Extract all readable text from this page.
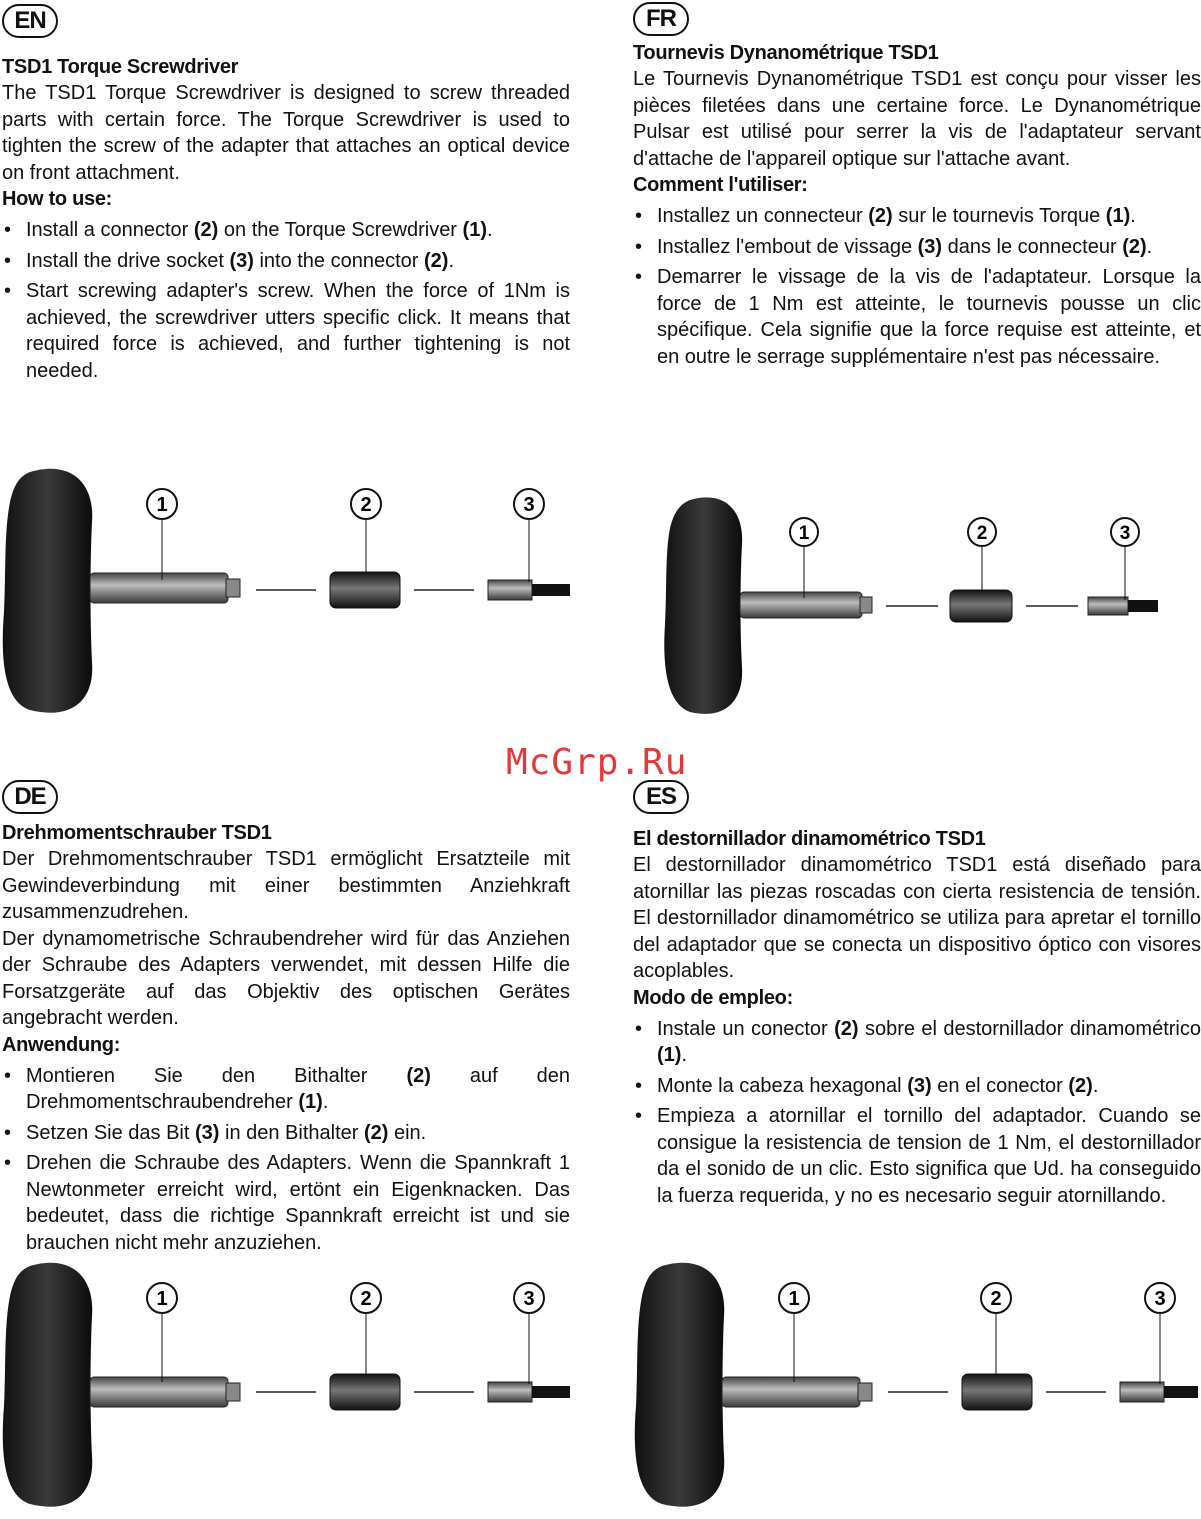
EN
TSD1 Torque Screwdriver

The TSD1 Torque Screwdriver is designed to screw threaded parts with certain force. The Torque Screwdriver is used to tighten the screw of the adapter that attaches an optical device on front attachment.

How to use:
• Install a connector (2) on the Torque Screwdriver (1).
• Install the drive socket (3) into the connector (2).
• Start screwing adapter's screw. When the force of 1Nm is achieved, the screwdriver utters specific click. It means that required force is achieved, and further tightening is not needed.
FR
Tournevis Dynanométrique TSD1

Le Tournevis Dynanométrique TSD1 est conçu pour visser les pièces filetées dans une certaine force. Le Dynanométrique Pulsar est utilisé pour serrer la vis de l'adaptateur servant d'attache de l'appareil optique sur l'attache avant.

Comment l'utiliser:
• Installez un connecteur (2) sur le tournevis Torque (1).
• Installez l'embout de vissage (3) dans le connecteur (2).
• Demarrer le vissage de la vis de l'adaptateur. Lorsque la force de 1 Nm est atteinte, le tournevis pousse un clic spécifique. Cela signifie que la force requise est atteinte, et en outre le serrage supplémentaire n'est pas nécessaire.
DE
Drehmomentschrauber TSD1

Der Drehmomentschrauber TSD1 ermöglicht Ersatzteile mit Gewindeverbindung mit einer bestimmten Anziehkraft zusammenzudrehen.

Der dynamometrische Schraubendreher wird für das Anziehen der Schraube des Adapters verwendet, mit dessen Hilfe die Forsatzgeräte auf das Objektiv des optischen Gerätes angebracht werden.

Anwendung:
• Montieren Sie den Bithalter (2) auf den Drehmomentschraubendreher (1).
• Setzen Sie das Bit (3) in den Bithalter (2) ein.
• Drehen die Schraube des Adapters. Wenn die Spannkraft 1 Newtonmeter erreicht wird, ertönt ein Eigenknacken. Das bedeutet, dass die richtige Spannkraft erreicht ist und sie brauchen nicht mehr anzuziehen.
ES
El destornillador dinamométrico TSD1

El destornillador dinamométrico TSD1 está diseñado para atornillar las piezas roscadas con cierta resistencia de tensión. El destornillador dinamométrico se utiliza para apretar el tornillo del adaptador que se conecta un dispositivo óptico con visores acoplables.

Modo de empleo:
• Instale un conector (2) sobre el destornillador dinamométrico (1).
• Monte la cabeza hexagonal (3) en el conector (2).
• Empieza a atornillar el tornillo del adaptador. Cuando se consigue la resistencia de tension de 1 Nm, el destornillador da el sonido de un clic. Esto significa que Ud. ha conseguido la fuerza requerida, y no es necesario seguir atornillando.
McGrp.Ru
1	2	3
1	2	3
1	2	3	1	2	3
